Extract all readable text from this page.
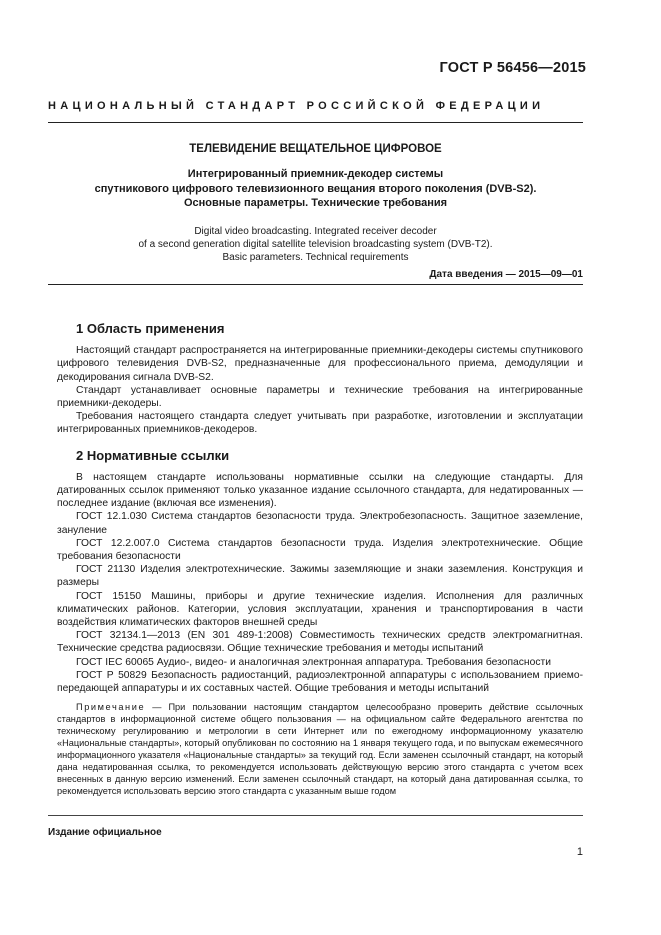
ГОСТ Р 56456—2015
НАЦИОНАЛЬНЫЙ СТАНДАРТ РОССИЙСКОЙ ФЕДЕРАЦИИ
ТЕЛЕВИДЕНИЕ ВЕЩАТЕЛЬНОЕ ЦИФРОВОЕ
Интегрированный приемник-декодер системы
спутникового цифрового телевизионного вещания второго поколения (DVB-S2).
Основные параметры. Технические требования
Digital video broadcasting. Integrated receiver decoder
of a second generation digital satellite television broadcasting system (DVB-T2).
Basic parameters. Technical requirements
Дата введения — 2015—09—01
1 Область применения

Настоящий стандарт распространяется на интегрированные приемники-декодеры системы спутникового цифрового телевидения DVB-S2, предназначенные для профессионального приема, демодуляции и декодирования сигнала DVB-S2.

Стандарт устанавливает основные параметры и технические требования на интегрированные приемники-декодеры.

Требования настоящего стандарта следует учитывать при разработке, изготовлении и эксплуатации интегрированных приемников-декодеров.

2 Нормативные ссылки

В настоящем стандарте использованы нормативные ссылки на следующие стандарты. Для датированных ссылок применяют только указанное издание ссылочного стандарта, для недатированных — последнее издание (включая все изменения).

ГОСТ 12.1.030 Система стандартов безопасности труда. Электробезопасность. Защитное заземление, зануление

ГОСТ 12.2.007.0 Система стандартов безопасности труда. Изделия электротехнические. Общие требования безопасности

ГОСТ 21130 Изделия электротехнические. Зажимы заземляющие и знаки заземления. Конструкция и размеры

ГОСТ 15150 Машины, приборы и другие технические изделия. Исполнения для различных климатических районов. Категории, условия эксплуатации, хранения и транспортирования в части воздействия климатических факторов внешней среды

ГОСТ 32134.1—2013 (EN 301 489-1:2008) Совместимость технических средств электромагнитная. Технические средства радиосвязи. Общие технические требования и методы испытаний

ГОСТ IEC 60065 Аудио-, видео- и аналогичная электронная аппаратура. Требования безопасности

ГОСТ Р 50829 Безопасность радиостанций, радиоэлектронной аппаратуры с использованием приемо-передающей аппаратуры и их составных частей. Общие требования и методы испытаний

Примечание — При пользовании настоящим стандартом целесообразно проверить действие ссылочных стандартов в информационной системе общего пользования — на официальном сайте Федерального агентства по техническому регулированию и метрологии в сети Интернет или по ежегодному информационному указателю «Национальные стандарты», который опубликован по состоянию на 1 января текущего года, и по выпускам ежемесячного информационного указателя «Национальные стандарты» за текущий год. Если заменен ссылочный стандарт, на который дана недатированная ссылка, то рекомендуется использовать действующую версию этого стандарта с учетом всех внесенных в данную версию изменений. Если заменен ссылочный стандарт, на который дана датированная ссылка, то рекомендуется использовать версию этого стандарта с указанным выше годом

Издание официальное
1
